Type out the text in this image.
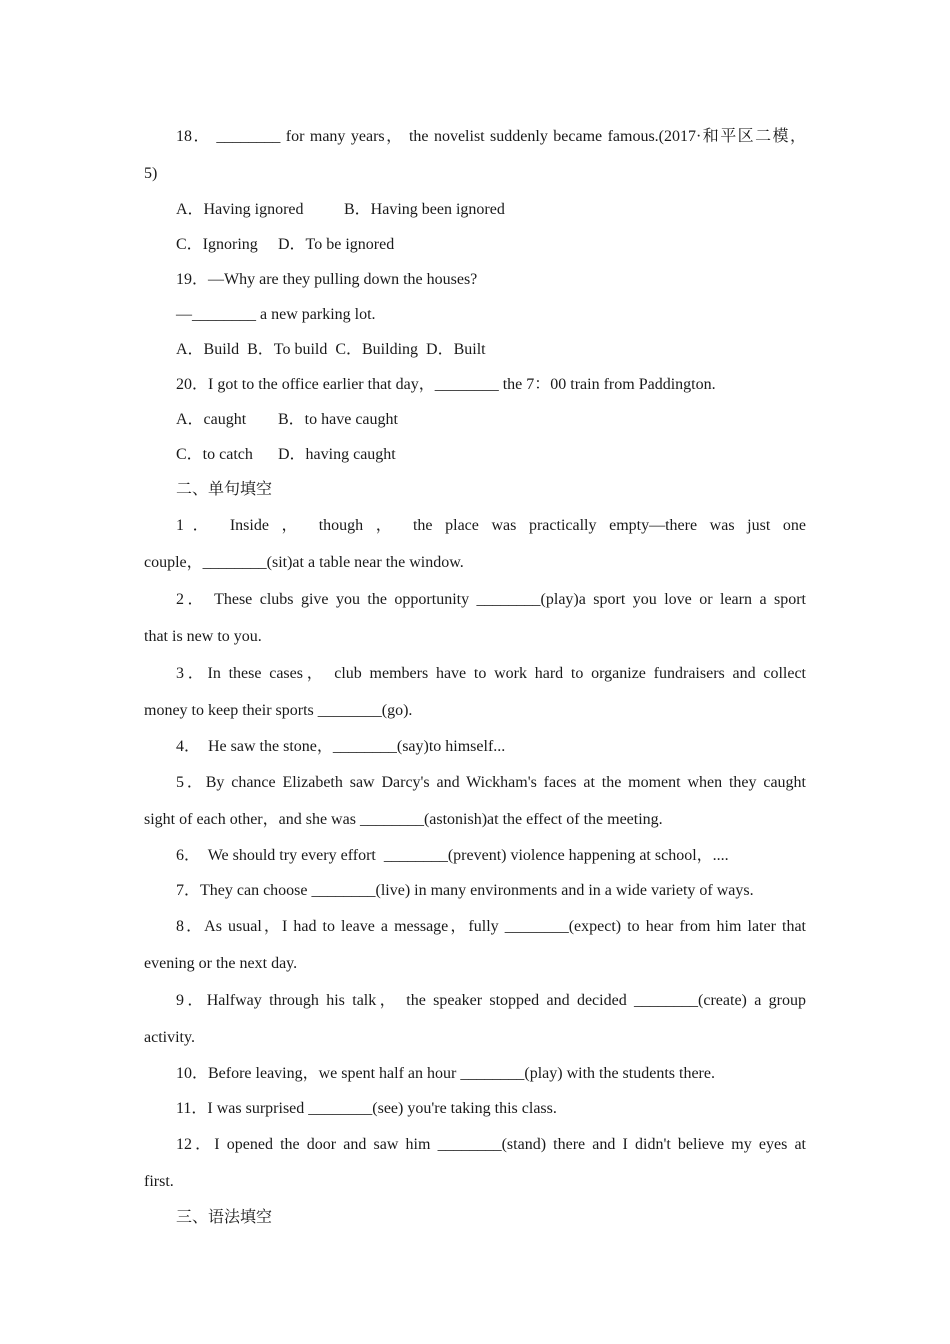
18． ________ for many years， the novelist suddenly became famous.(2017·和平区二模，
5)
A．Having ignored	B．Having been ignored
C．Ignoring D．To be ignored
19．—Why are they pulling down the houses?
—________ a new parking lot.
A．Build  B．To build  C．Building  D．Built
20．I got to the office earlier that day，________ the 7：00 train from Paddington.
A．caught B．to have caught
C．to catch D．having caught
二、单句填空
1． Inside ， though ， the place was practically empty—there was just one
couple，________(sit)at a table near the window.
2． These clubs give you the opportunity ________(play)a sport you love or learn a sport
that is new to you.
3．In these cases， club members have to work hard to organize fundraisers and collect
money to keep their sports ________(go).
4．  He saw the stone，________(say)to himself...
5．By chance Elizabeth saw Darcy's and Wickham's faces at the moment when they caught
sight of each other，and she was ________(astonish)at the effect of the meeting.
6．  We should try every effort  ________(prevent) violence happening at school，....
7．They can choose ________(live) in many environments and in a wide variety of ways.
8．As usual，I had to leave a message，fully ________(expect) to hear from him later that
evening or the next day.
9．Halfway through his talk， the speaker stopped and decided ________(create) a group
activity.
10．Before leaving，we spent half an hour ________(play) with the students there.
11．I was surprised ________(see) you're taking this class.
12．I opened the door and saw him ________(stand) there and I didn't believe my eyes at
first.
三、语法填空
